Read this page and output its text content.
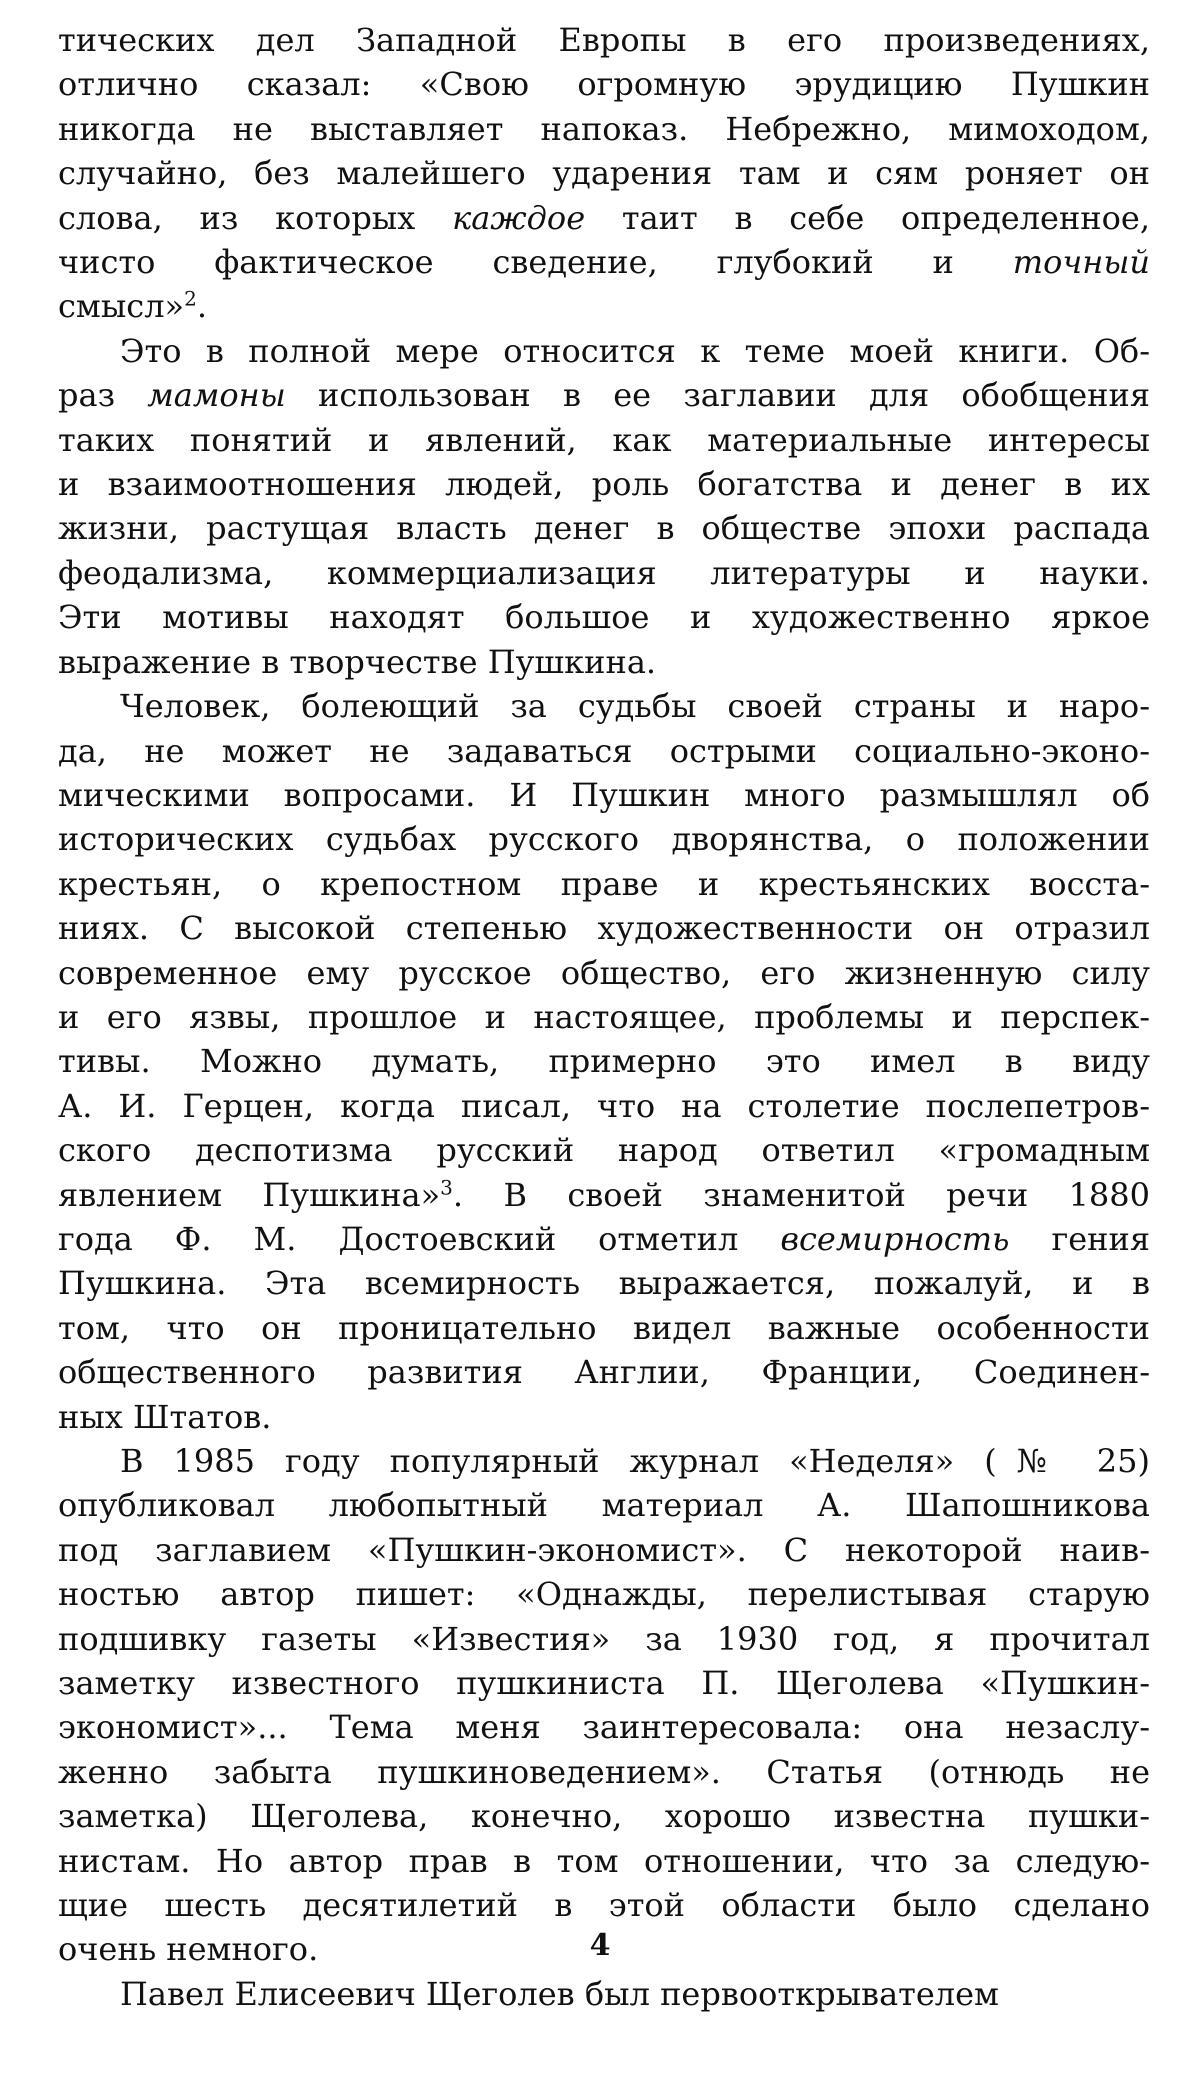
тических дел Западной Европы в его произведениях,
отлично сказал: «Свою огромную эрудицию Пушкин
никогда не выставляет напоказ. Небрежно, мимоходом,
случайно, без малейшего ударения там и сям роняет он
слова, из которых каждое таит в себе определенное,
чисто фактическое сведение, глубокий и точный
смысл»$^2$.

Это в полной мере относится к теме моей книги. Об-
раз мамоны использован в ее заглавии для обобщения
таких понятий и явлений, как материальные интересы
и взаимоотношения людей, роль богатства и денег в их
жизни, растущая власть денег в обществе эпохи распада
феодализма, коммерциализация литературы и науки.
Эти мотивы находят большое и художественно яркое
выражение в творчестве Пушкина.

Человек, болеющий за судьбы своей страны и наро-
да, не может не задаваться острыми социально-эконо-
мическими вопросами. И Пушкин много размышлял об
исторических судьбах русского дворянства, о положении
крестьян, о крепостном праве и крестьянских восста-
ниях. С высокой степенью художественности он отразил
современное ему русское общество, его жизненную силу
и его язвы, прошлое и настоящее, проблемы и перспек-
тивы. Можно думать, примерно это имел в виду
А. И. Герцен, когда писал, что на столетие послепетров-
ского деспотизма русский народ ответил «громадным
явлением Пушкина»$^3$. В своей знаменитой речи 1880
года Ф. М. Достоевский отметил всемирность гения
Пушкина. Эта всемирность выражается, пожалуй, и в
том, что он проницательно видел важные особенности
общественного развития Англии, Франции, Соединен-
ных Штатов.

В 1985 году популярный журнал «Неделя» (№ 25)
опубликовал любопытный материал А. Шапошникова
под заглавием «Пушкин-экономист». С некоторой наив-
ностью автор пишет: «Однажды, перелистывая старую
подшивку газеты «Известия» за 1930 год, я прочитал
заметку известного пушкиниста П. Щеголева «Пушкин-
экономист»... Тема меня заинтересовала: она незаслу-
женно забыта пушкиноведением». Статья (отнюдь не
заметка) Щеголева, конечно, хорошо известна пушки-
нистам. Но автор прав в том отношении, что за следую-
щие шесть десятилетий в этой области было сделано
очень немного.

Павел Елисеевич Щеголев был первооткрывателем

4
